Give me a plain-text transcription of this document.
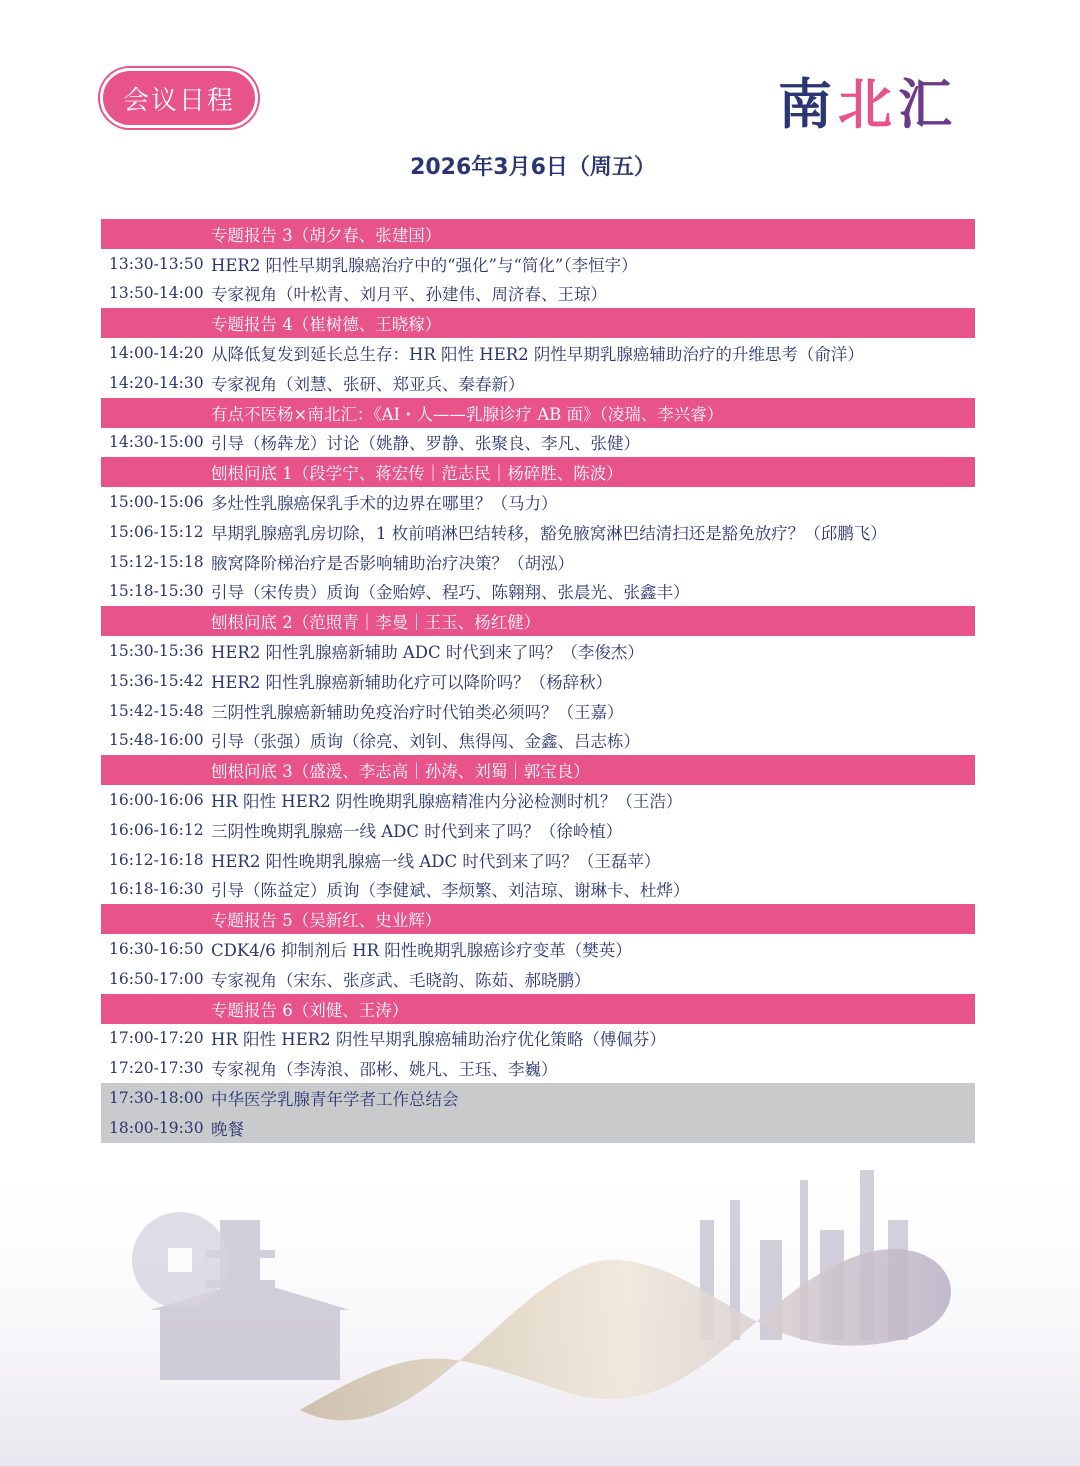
会议日程	南 北 汇
2026年3月6日（周五）
专题报告 3（胡夕春、张建国）
13:30-13:50 HER2 阳性早期乳腺癌治疗中的“强化”与“简化”（李恒宇）
13:50-14:00 专家视角（叶松青、刘月平、孙建伟、周济春、王琼）
专题报告 4（崔树德、王晓稼）
14:00-14:20 从降低复发到延长总生存：HR 阳性 HER2 阴性早期乳腺癌辅助治疗的升维思考（俞洋）
14:20-14:30 专家视角（刘慧、张研、郑亚兵、秦春新）
有点不医杨×南北汇：《AI・人——乳腺诊疗 AB 面》（凌瑞、李兴睿）
14:30-15:00 引导（杨犇龙）讨论（姚静、罗静、张聚良、李凡、张健）
刨根问底 1（段学宁、蒋宏传｜范志民｜杨碎胜、陈波）
15:00-15:06 多灶性乳腺癌保乳手术的边界在哪里？（马力）
15:06-15:12 早期乳腺癌乳房切除，1 枚前哨淋巴结转移，豁免腋窝淋巴结清扫还是豁免放疗？（邱鹏飞）
15:12-15:18 腋窝降阶梯治疗是否影响辅助治疗决策？（胡泓）
15:18-15:30 引导（宋传贵）质询（金贻婷、程巧、陈翱翔、张晨光、张鑫丰）
刨根问底 2（范照青｜李曼｜王玉、杨红健）
15:30-15:36 HER2 阳性乳腺癌新辅助 ADC 时代到来了吗？（李俊杰）
15:36-15:42 HER2 阳性乳腺癌新辅助化疗可以降阶吗？（杨辞秋）
15:42-15:48 三阴性乳腺癌新辅助免疫治疗时代铂类必须吗？（王嘉）
15:48-16:00 引导（张强）质询（徐亮、刘钊、焦得闯、金鑫、吕志栋）
刨根问底 3（盛湲、李志高｜孙涛、刘蜀｜郭宝良）
16:00-16:06 HR 阳性 HER2 阴性晚期乳腺癌精准内分泌检测时机？（王浩）
16:06-16:12 三阴性晚期乳腺癌一线 ADC 时代到来了吗？（徐岭植）
16:12-16:18 HER2 阳性晚期乳腺癌一线 ADC 时代到来了吗？（王磊苹）
16:18-16:30 引导（陈益定）质询（李健斌、李烦繁、刘洁琼、谢琳卡、杜烨）
专题报告 5（吴新红、史业辉）
16:30-16:50 CDK4/6 抑制剂后 HR 阳性晚期乳腺癌诊疗变革（樊英）
16:50-17:00 专家视角（宋东、张彦武、毛晓韵、陈茹、郝晓鹏）
专题报告 6（刘健、王涛）
17:00-17:20 HR 阳性 HER2 阴性早期乳腺癌辅助治疗优化策略（傅佩芬）
17:20-17:30 专家视角（李涛浪、邵彬、姚凡、王珏、李巍）
17:30-18:00 中华医学乳腺青年学者工作总结会
18:00-19:30 晚餐
